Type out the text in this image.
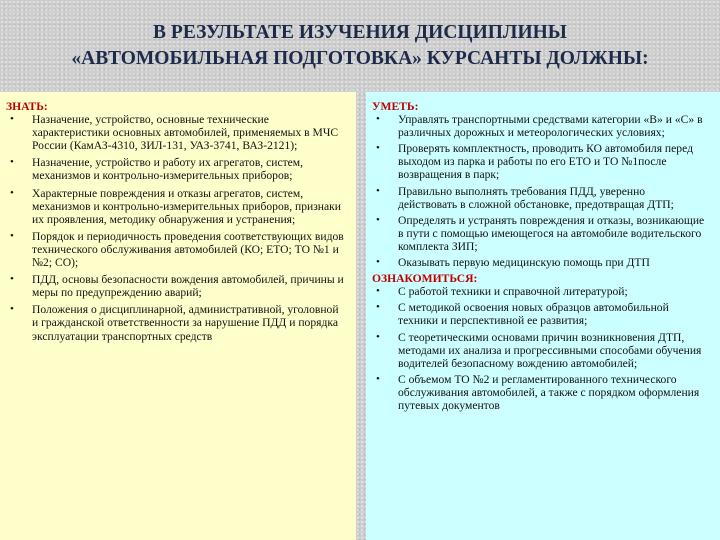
В РЕЗУЛЬТАТЕ ИЗУЧЕНИЯ ДИСЦИПЛИНЫ
«АВТОМОБИЛЬНАЯ ПОДГОТОВКА» КУРСАНТЫ ДОЛЖНЫ:

ЗНАТЬ:

•	Назначение, устройство, основные технические характеристики основных автомобилей, применяемых в МЧС России (КамАЗ-4310, ЗИЛ-131, УАЗ-3741, ВАЗ-2121);
•	Назначение, устройство и работу их агрегатов, систем, механизмов и контрольно-измерительных приборов;
•	Характерные повреждения и отказы агрегатов, систем, механизмов и контрольно-измерительных приборов, признаки их проявления, методику обнаружения и устранения;
•	Порядок и периодичность проведения соответствующих видов технического обслуживания автомобилей (КО; ЕТО; ТО №1 и №2; СО);
•	ПДД, основы безопасности вождения автомобилей, причины и меры по предупреждению аварий;
•	Положения о дисциплинарной, административной, уголовной и гражданской ответственности за нарушение ПДД и порядка эксплуатации транспортных средств

УМЕТЬ:

•	Управлять транспортными средствами категории «В» и «С» в различных дорожных и метеорологических условиях;
•	Проверять комплектность, проводить КО автомобиля перед выходом из парка и работы по его ЕТО и ТО №1после возвращения в парк;
•	Правильно выполнять требования ПДД, уверенно действовать в сложной обстановке, предотвращая ДТП;
•	Определять и устранять повреждения и отказы, возникающие в пути с помощью имеющегося на автомобиле водительского комплекта ЗИП;
•	Оказывать первую медицинскую помощь при ДТП

ОЗНАКОМИТЬСЯ:

•	С работой техники и справочной литературой;
•	С методикой освоения новых образцов автомобильной техники и перспективной ее развития;
•	С теоретическими основами причин возникновения ДТП, методами их анализа и прогрессивными способами обучения водителей безопасному вождению автомобилей;
•	С объемом ТО №2 и регламентированного технического обслуживания автомобилей, а также с порядком оформления путевых документов
